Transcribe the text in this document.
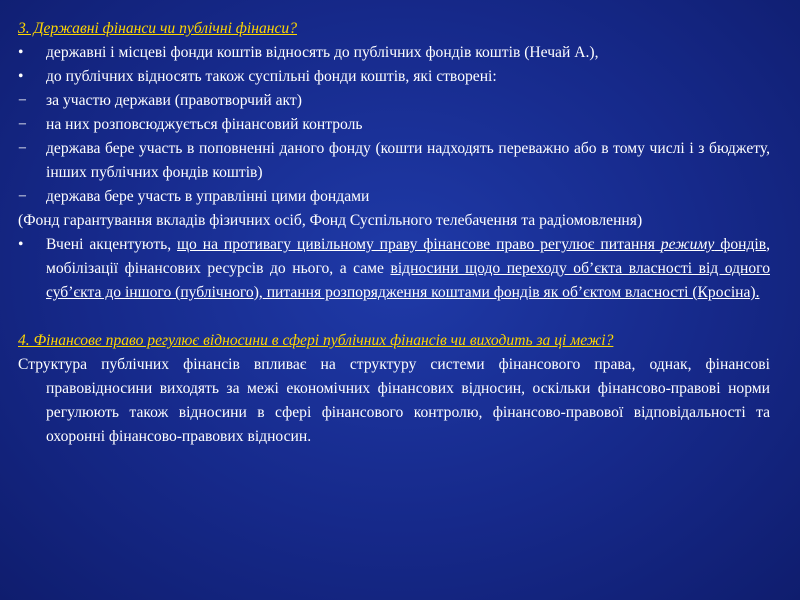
3. Державні фінанси чи публічні фінанси?
•	державні і місцеві фонди коштів відносять до публічних фондів коштів (Нечай А.),
•	до публічних відносять також суспільні фонди коштів, які створені:
−	за участю держави (правотворчий акт)
−	на них розповсюджується фінансовий контроль
−	держава бере участь в поповненні даного фонду (кошти надходять переважно або в тому числі і з бюджету, інших публічних фондів коштів)
−	держава бере участь в управлінні цими фондами
(Фонд гарантування вкладів фізичних осіб, Фонд Суспільного телебачення та радіомовлення)
•	Вчені акцентують, що на противагу цивільному праву фінансове право регулює питання режиму фондів, мобілізації фінансових ресурсів до нього, а саме відносини щодо переходу об’єкта власності від одного суб’єкта до іншого (публічного), питання розпорядження коштами фондів як об’єктом власності (Кросіна).
4. Фінансове право регулює відносини в сфері публічних фінансів чи виходить за ці межі?
Структура публічних фінансів впливає на структуру системи фінансового права, однак, фінансові правовідносини виходять за межі економічних фінансових відносин, оскільки фінансово-правові норми регулюють також відносини в сфері фінансового контролю, фінансово-правової відповідальності та охоронні фінансово-правових відносин.
